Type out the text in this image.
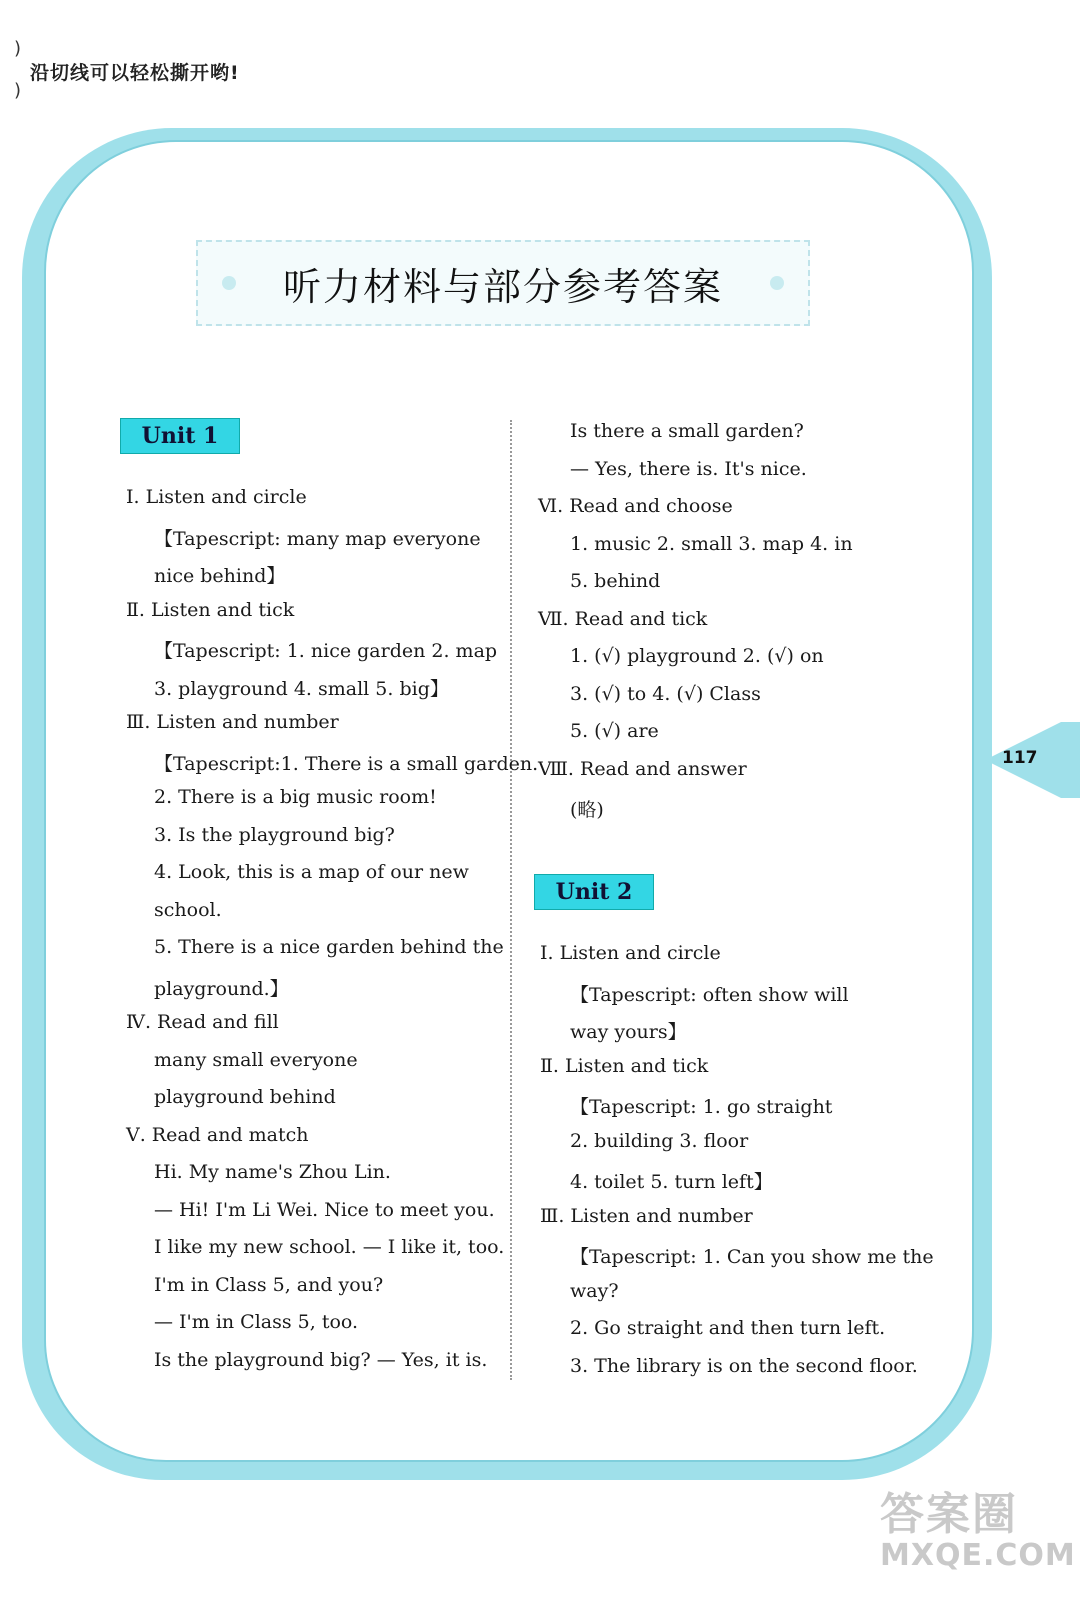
)
沿切线可以轻松撕开哟!
)
117
听力材料与部分参考答案
Unit 1
Ⅰ. Listen and circle
【Tapescript: many map everyone
nice behind】
Ⅱ. Listen and tick
【Tapescript: 1. nice garden 2. map
3. playground 4. small 5. big】
Ⅲ. Listen and number
【Tapescript:1. There is a small garden.
2. There is a big music room!
3. Is the playground big?
4. Look, this is a map of our new
school.
5. There is a nice garden behind the
playground.】
Ⅳ. Read and fill
many small everyone
playground behind
Ⅴ. Read and match
Hi. My name's Zhou Lin.
— Hi! I'm Li Wei. Nice to meet you.
I like my new school. — I like it, too.
I'm in Class 5, and you?
— I'm in Class 5, too.
Is the playground big? — Yes, it is.
Is there a small garden?
— Yes, there is. It's nice.
Ⅵ. Read and choose
1. music 2. small 3. map 4. in
5. behind
Ⅶ. Read and tick
1. (√) playground 2. (√) on
3. (√) to 4. (√) Class
5. (√) are
Ⅷ. Read and answer
(略)
Unit 2
Ⅰ. Listen and circle
【Tapescript: often show will
way yours】
Ⅱ. Listen and tick
【Tapescript: 1. go straight
2. building 3. floor
4. toilet 5. turn left】
Ⅲ. Listen and number
【Tapescript: 1. Can you show me the
way?
2. Go straight and then turn left.
3. The library is on the second floor.
答案圈
MXQE.COM
